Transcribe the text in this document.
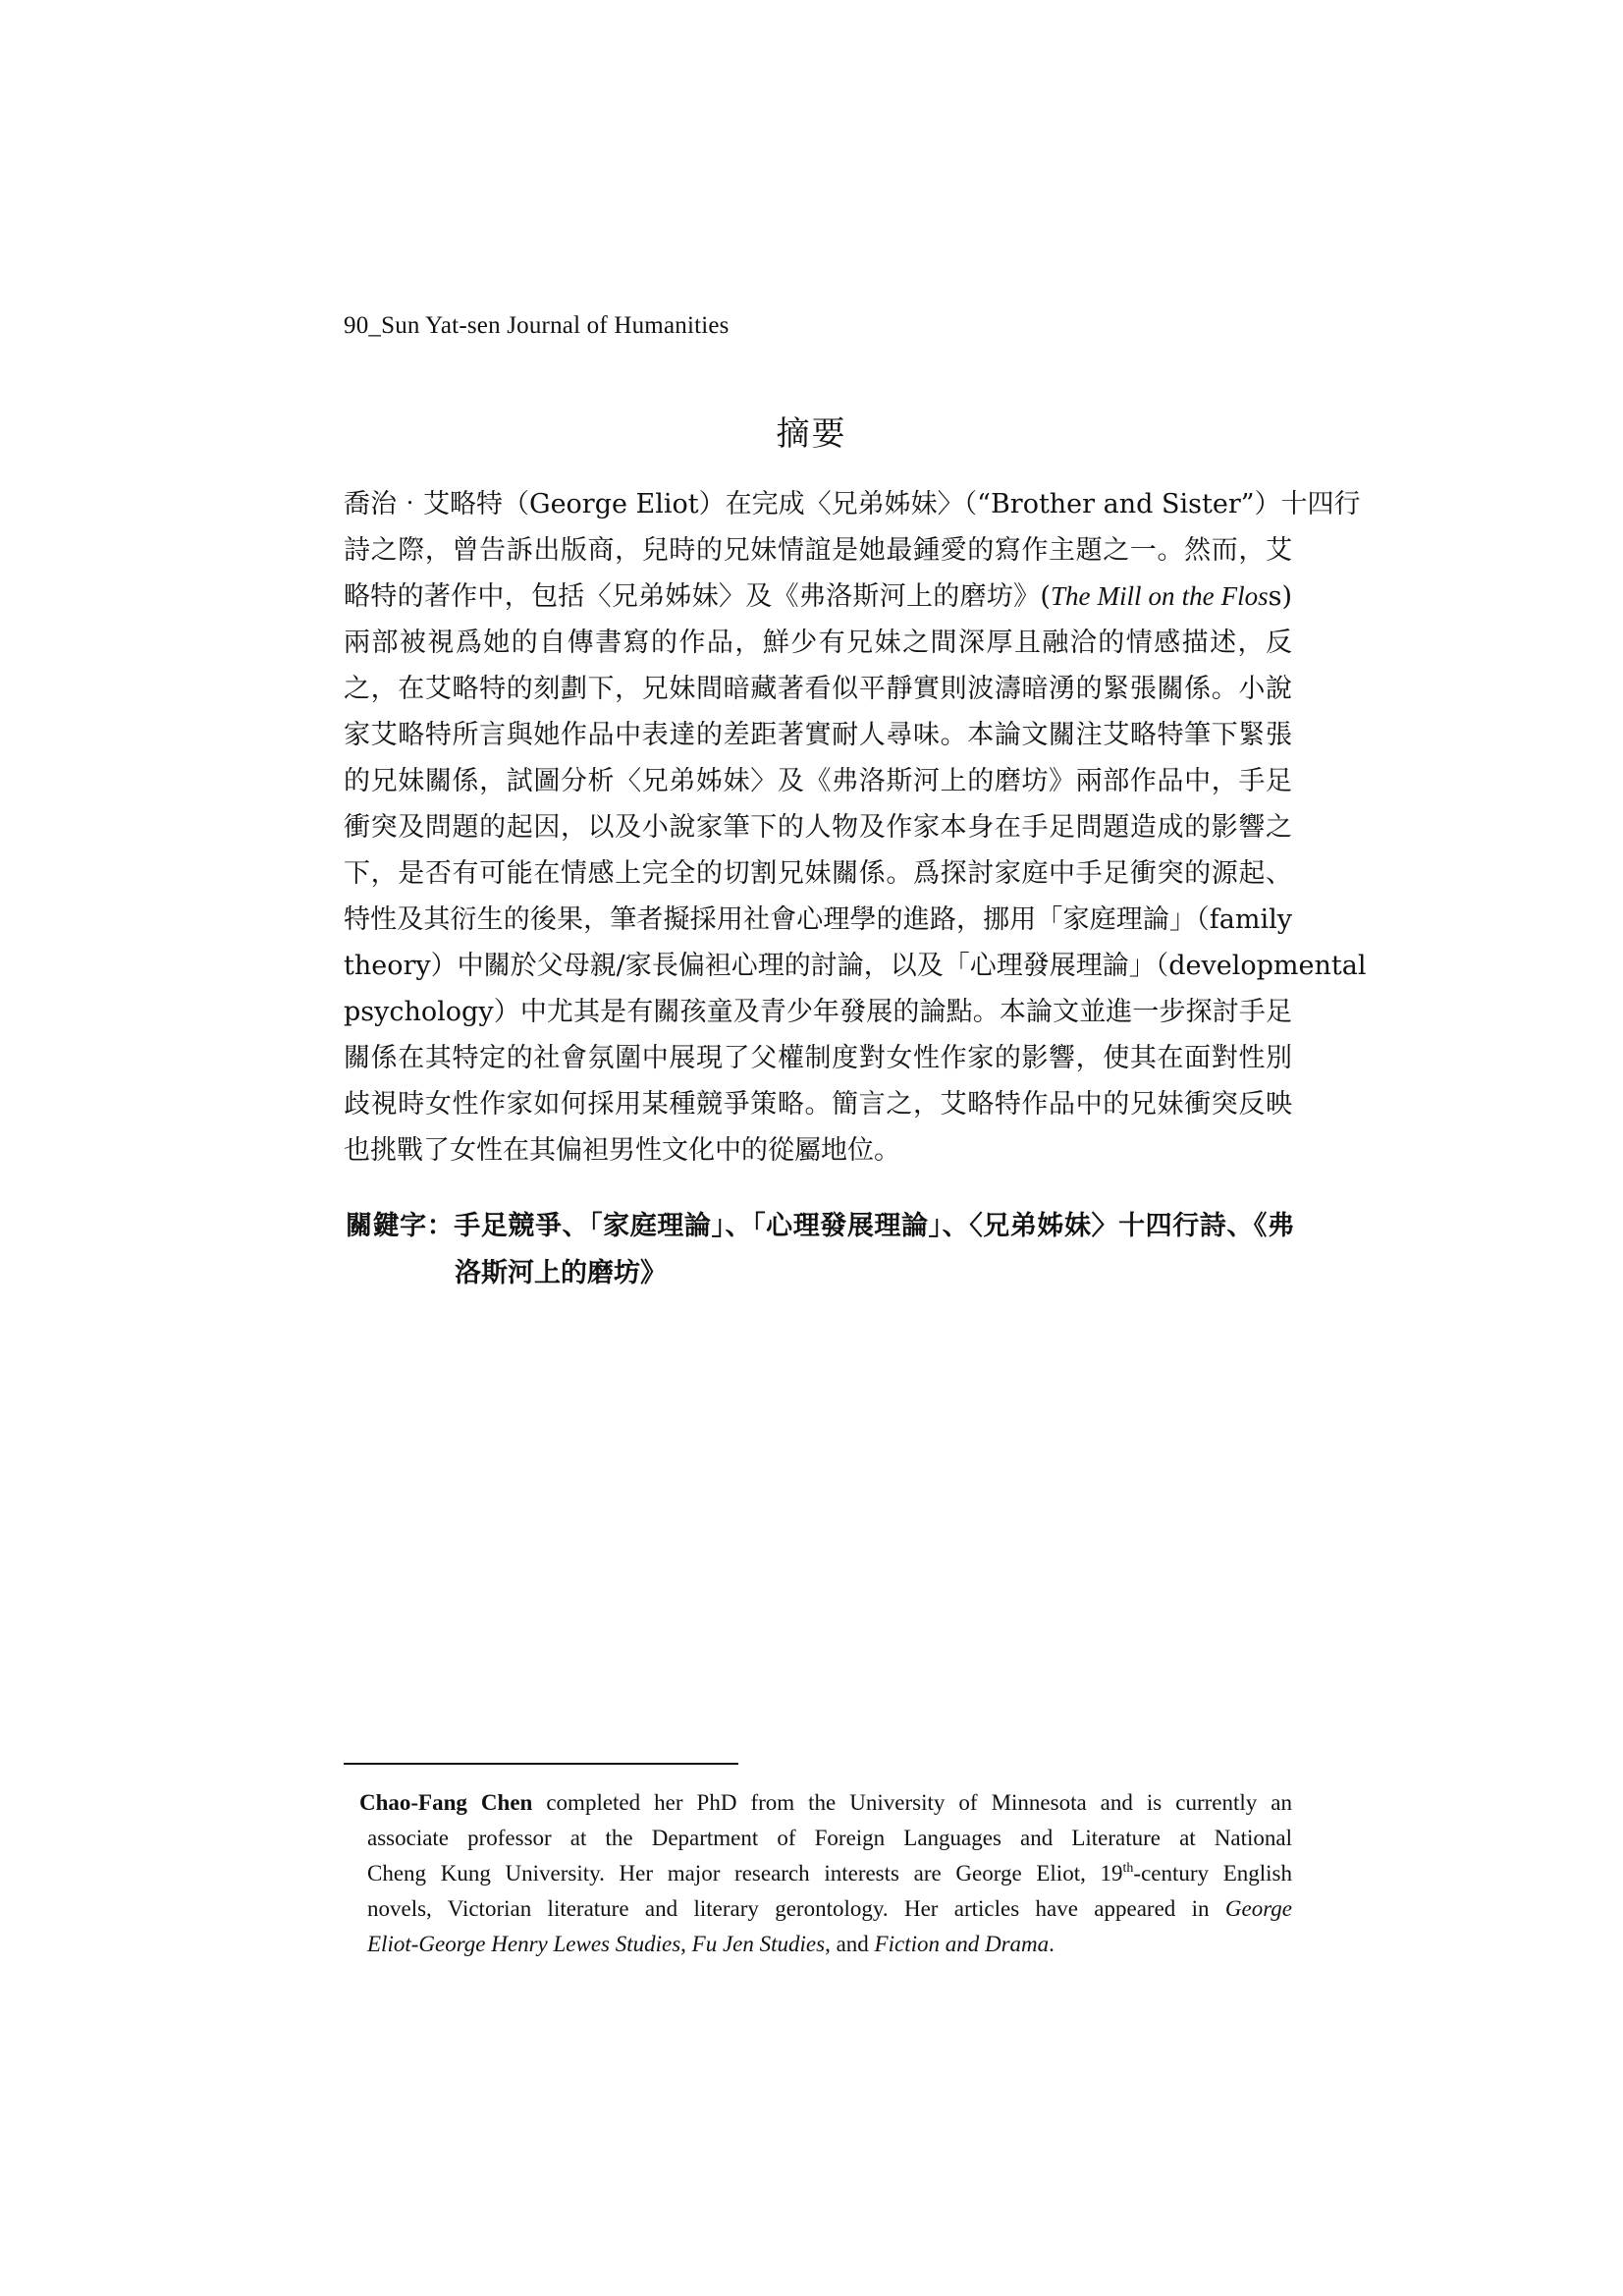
90_Sun Yat-sen Journal of Humanities
摘要
喬治‧艾略特（George Eliot）在完成〈兄弟姊妹〉（“Brother and Sister”）十四行
詩之際，曾告訴出版商，兒時的兄妹情誼是她最鍾愛的寫作主題之一。然而，艾
略特的著作中，包括〈兄弟姊妹〉及《弗洛斯河上的磨坊》(The Mill on the Floss)
兩部被視爲她的自傳書寫的作品，鮮少有兄妹之間深厚且融洽的情感描述，反
之，在艾略特的刻劃下，兄妹間暗藏著看似平靜實則波濤暗湧的緊張關係。小說
家艾略特所言與她作品中表達的差距著實耐人尋味。本論文關注艾略特筆下緊張
的兄妹關係，試圖分析〈兄弟姊妹〉及《弗洛斯河上的磨坊》兩部作品中，手足
衝突及問題的起因，以及小說家筆下的人物及作家本身在手足問題造成的影響之
下，是否有可能在情感上完全的切割兄妹關係。爲探討家庭中手足衝突的源起、
特性及其衍生的後果，筆者擬採用社會心理學的進路，挪用「家庭理論」（family
theory）中關於父母親/家長偏袒心理的討論，以及「心理發展理論」（developmental
psychology）中尤其是有關孩童及青少年發展的論點。本論文並進一步探討手足
關係在其特定的社會氛圍中展現了父權制度對女性作家的影響，使其在面對性別
歧視時女性作家如何採用某種競爭策略。簡言之，艾略特作品中的兄妹衝突反映
也挑戰了女性在其偏袒男性文化中的從屬地位。
關鍵字：手足競爭、「家庭理論」、「心理發展理論」、〈兄弟姊妹〉十四行詩、《弗
洛斯河上的磨坊》
Chao-Fang Chen completed her PhD from the University of Minnesota and is currently an
associate professor at the Department of Foreign Languages and Literature at National
Cheng Kung University. Her major research interests are George Eliot, 19th-century English
novels, Victorian literature and literary gerontology. Her articles have appeared in George
Eliot-George Henry Lewes Studies, Fu Jen Studies, and Fiction and Drama.
